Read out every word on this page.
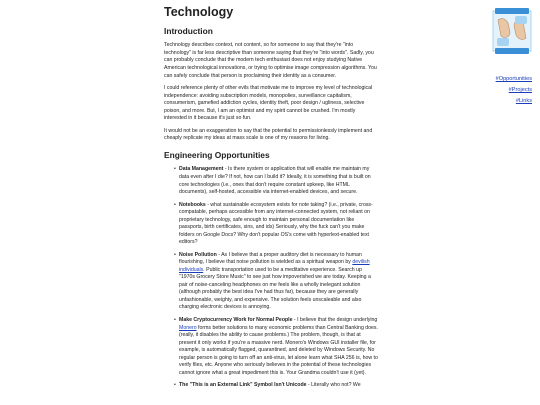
Technology
Introduction

Technology describes context, not content, so for someone to say that they're "into technology" is far less descriptive than someone saying that they're "into words". Sadly, you can probably conclude that the modern tech enthusiast does not enjoy studying Native American technological innovations, or trying to optimise image compression algorithms. You can safely conclude that person is proclaiming their identity as a consumer.

I could reference plenty of other evils that motivate me to improve my level of technological independence: avoiding subscription models, monopolies, surveillance capitalism, consumerism, gamefied addiction cycles, identity theft, poor design / ugliness, selective poison, and more. But, I am an optimist and my spirit cannot be crushed. I'm mostly interested in it because it's just so fun.

It would not be an exaggeration to say that the potential to permissionlessly implement and cheaply replicate my ideas at mass scale is one of my reasons for living.

Engineering Opportunities
• Data Management - Is there system or application that will enable me maintain my data even after I die? If not, how can I build it? Ideally, it is something that is built on core technologies (i.e., ones that don't require constant upkeep, like HTML documents), self-hosted, accessible via internet-enabled devices, and secure.
• Notebooks - what sustainable ecosystem exists for note taking? (i.e., private, cross-compatable, perhaps accessible from any internet-connected system, not reliant on proprietary technology, safe enough to maintain personal documentation like passports, birth certificates, sins, and ids) Seriously, why the fuck can't you make folders on Google Docs? Why don't popular OS's come with hyperlext-enabled text editors?
• Noise Pollution - As I believe that a proper auditory diet is necessary to human flourishing, I believe that noise pollution is wielded as a spiritual weapon by devilish individuals. Public transportation used to be a meditative experience. Search up "1970s Grocery Store Music" to see just how impoverished we are today. Keeping a pair of noise-canceling headphones on me feels like a wholly inelegant solution (although probably the best idea I've had thus far), because they are generally unfashionable, weighty, and expensive. The solution feels unscaleable and also charging electronic devices is annoying.
• Make Cryptocurrency Work for Normal People - I believe that the design underlying Monero forms better solutions to many economic problems than Central Banking does. (really, it disables the ability to cause problems.) The problem, though, is that at present it only works if you're a massive nerd. Monero's Windows GUI installer file, for example, is automatically flagged, quarantined, and deleted by Windows Security. No regular person is going to turn off an anti-virus, let alone learn what SHA 256 is, how to verify files, etc. Anyone who seriously believes in the potential of these technologies cannot ignore what a great impediment this is. Your Grandma couldn't use it (yet).
• The "This is an External Link" Symbol Isn't Unicode - Literally who not? We
#Opportunities
#Projects
#Links
